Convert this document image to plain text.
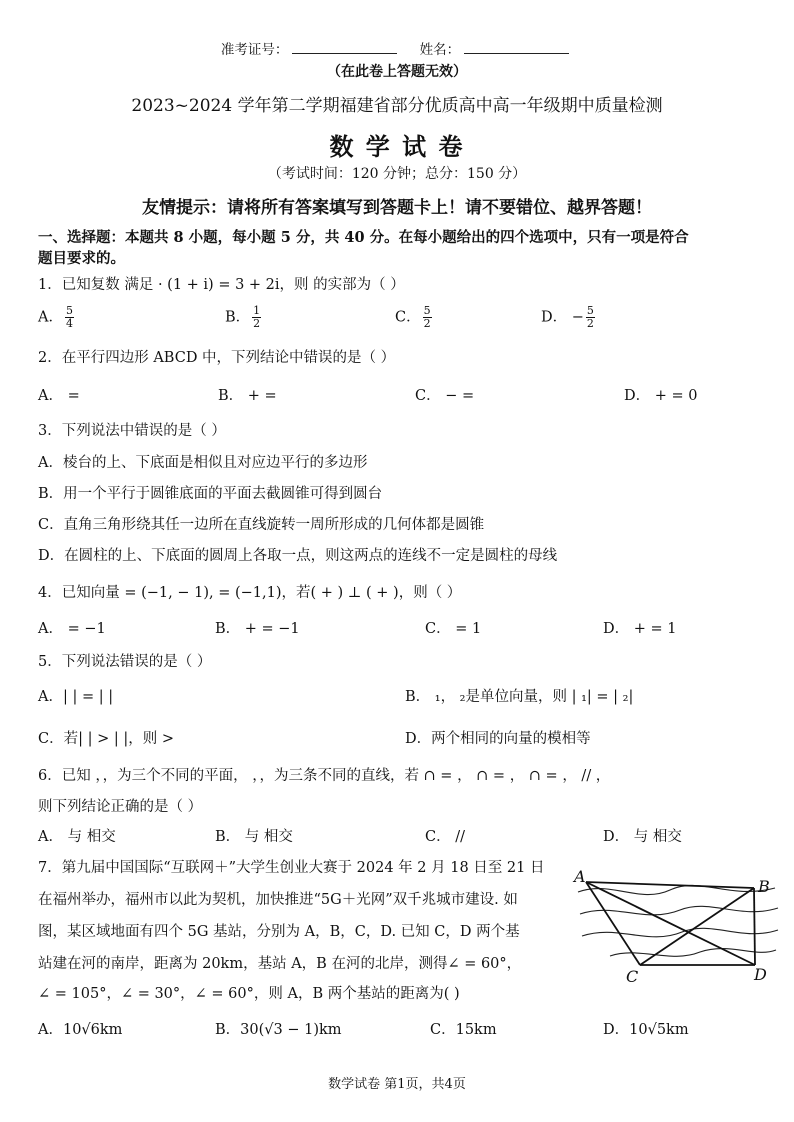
准考证号：	姓名：
（在此卷上答题无效）
2023~2024 学年第二学期福建省部分优质高中高一年级期中质量检测
数 学 试 卷
（考试时间：120 分钟；总分：150 分）
友情提示：请将所有答案填写到答题卡上！请不要错位、越界答题！
一、选择题：本题共 8 小题，每小题 5 分，共 40 分。在每小题给出的四个选项中，只有一项是符合
题目要求的。
1．已知复数 满足 · (1 + i) = 3 + 2i，则 的实部为（ ）
A． $\frac{5}{4}$	B． $\frac{1}{2}$	C． $\frac{5}{2}$	D． − $\frac{5}{2}$
2．在平行四边形 ABCD 中，下列结论中错误的是（ ）
A． =	B． + =	C． − =	D． + = 0
3．下列说法中错误的是（ ）
A．棱台的上、下底面是相似且对应边平行的多边形
B．用一个平行于圆锥底面的平面去截圆锥可得到圆台
C．直角三角形绕其任一边所在直线旋转一周所形成的几何体都是圆锥
D．在圆柱的上、下底面的圆周上各取一点，则这两点的连线不一定是圆柱的母线
4．已知向量 = (−1, − 1), = (−1,1)，若( + ) ⊥ ( + )，则（ ）
A． = −1	B． + = −1	C． = 1	D． + = 1
5．下列说法错误的是（ ）
A．| | = | |	B． ₁， ₂是单位向量，则 | ₁| = | ₂|
C．若| | > | |，则 >	D．两个相同的向量的模相等
6．已知 ，，为三个不同的平面， ，，为三条不同的直线，若 ∩ = ， ∩ = ， ∩ = ， // ，
则下列结论正确的是（ ）
A． 与 相交	B． 与 相交	C． //	D． 与 相交
7．第九届中国国际“互联网＋”大学生创业大赛于 2024 年 2 月 18 日至 21 日
在福州举办，福州市以此为契机，加快推进“5G＋光网”双千兆城市建设. 如
图，某区域地面有四个 5G 基站，分别为 A，B，C，D. 已知 C，D 两个基
站建在河的南岸，距离为 20km，基站 A，B 在河的北岸，测得∠ = 60°，
∠ = 105°，∠ = 30°，∠ = 60°，则 A，B 两个基站的距离为( )
A
B
C	D
A．10√6km	B．30(√3 − 1)km	C．15km	D．10√5km
数学试卷 第1页，共4页
